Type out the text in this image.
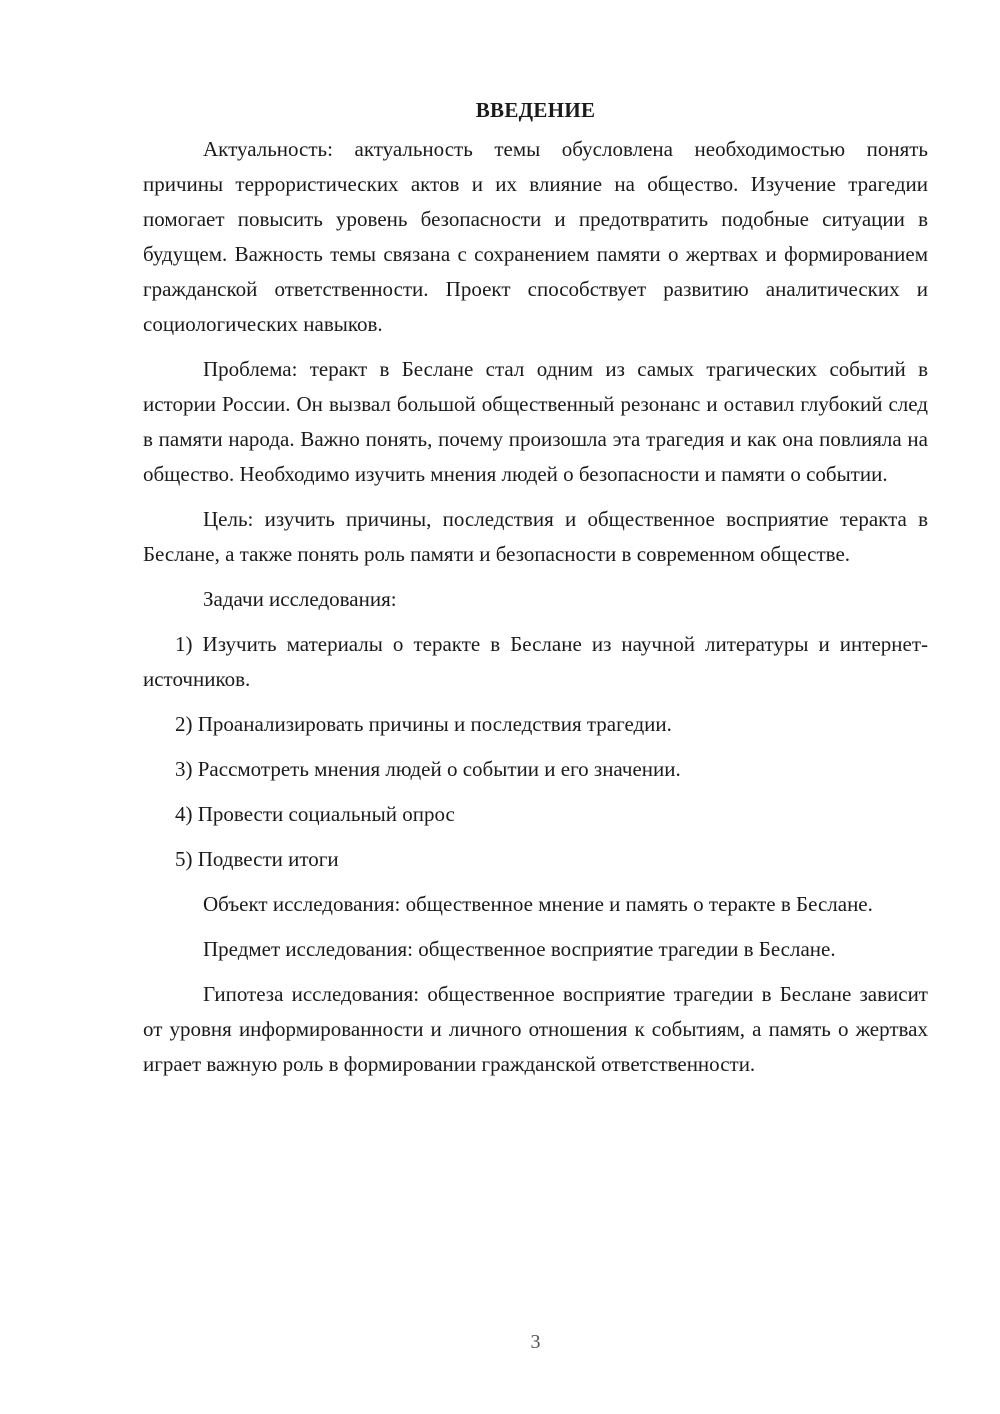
ВВЕДЕНИЕ

Актуальность: актуальность темы обусловлена необходимостью понять причины террористических актов и их влияние на общество. Изучение трагедии помогает повысить уровень безопасности и предотвратить подобные ситуации в будущем. Важность темы связана с сохранением памяти о жертвах и формированием гражданской ответственности. Проект способствует развитию аналитических и социологических навыков.

Проблема: теракт в Беслане стал одним из самых трагических событий в истории России. Он вызвал большой общественный резонанс и оставил глубокий след в памяти народа. Важно понять, почему произошла эта трагедия и как она повлияла на общество. Необходимо изучить мнения людей о безопасности и памяти о событии.

Цель: изучить причины, последствия и общественное восприятие теракта в Беслане, а также понять роль памяти и безопасности в современном обществе.

Задачи исследования:

1) Изучить материалы о теракте в Беслане из научной литературы и интернет-источников.

2) Проанализировать причины и последствия трагедии.

3) Рассмотреть мнения людей о событии и его значении.

4) Провести социальный опрос

5) Подвести итоги

Объект исследования: общественное мнение и память о теракте в Беслане.

Предмет исследования: общественное восприятие трагедии в Беслане.

Гипотеза исследования: общественное восприятие трагедии в Беслане зависит от уровня информированности и личного отношения к событиям, а память о жертвах играет важную роль в формировании гражданской ответственности.

3
